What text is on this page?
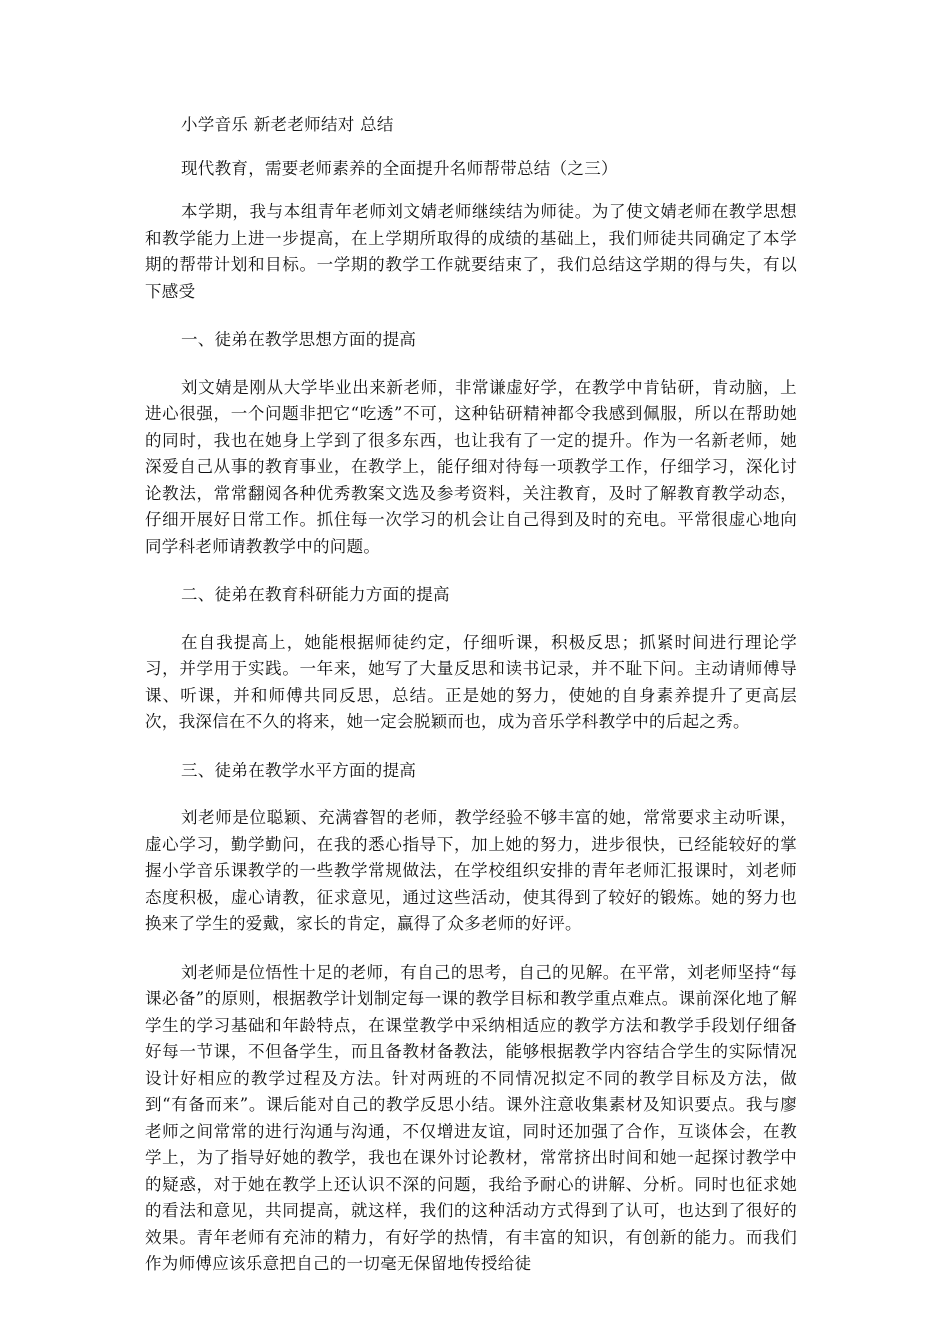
小学音乐 新老老师结对 总结

现代教育，需要老师素养的全面提升名师帮带总结（之三）

本学期，我与本组青年老师刘文婧老师继续结为师徒。为了使文婧老师在教学思想和教学能力上进一步提高，在上学期所取得的成绩的基础上，我们师徒共同确定了本学期的帮带计划和目标。一学期的教学工作就要结束了，我们总结这学期的得与失，有以下感受

一、徒弟在教学思想方面的提高

刘文婧是刚从大学毕业出来新老师，非常谦虚好学，在教学中肯钻研，肯动脑，上进心很强，一个问题非把它“吃透”不可，这种钻研精神都令我感到佩服，所以在帮助她的同时，我也在她身上学到了很多东西，也让我有了一定的提升。作为一名新老师，她深爱自己从事的教育事业，在教学上，能仔细对待每一项教学工作，仔细学习，深化讨论教法，常常翻阅各种优秀教案文选及参考资料，关注教育，及时了解教育教学动态，仔细开展好日常工作。抓住每一次学习的机会让自己得到及时的充电。平常很虚心地向同学科老师请教教学中的问题。

二、徒弟在教育科研能力方面的提高

在自我提高上，她能根据师徒约定，仔细听课，积极反思；抓紧时间进行理论学习，并学用于实践。一年来，她写了大量反思和读书记录，并不耻下问。主动请师傅导课、听课，并和师傅共同反思，总结。正是她的努力，使她的自身素养提升了更高层次，我深信在不久的将来，她一定会脱颖而也，成为音乐学科教学中的后起之秀。

三、徒弟在教学水平方面的提高

刘老师是位聪颖、充满睿智的老师，教学经验不够丰富的她，常常要求主动听课，虚心学习，勤学勤问，在我的悉心指导下，加上她的努力，进步很快，已经能较好的掌握小学音乐课教学的一些教学常规做法，在学校组织安排的青年老师汇报课时，刘老师态度积极，虚心请教，征求意见，通过这些活动，使其得到了较好的锻炼。她的努力也换来了学生的爱戴，家长的肯定，赢得了众多老师的好评。

刘老师是位悟性十足的老师，有自己的思考，自己的见解。在平常，刘老师坚持“每课必备”的原则，根据教学计划制定每一课的教学目标和教学重点难点。课前深化地了解学生的学习基础和年龄特点，在课堂教学中采纳相适应的教学方法和教学手段划仔细备好每一节课，不但备学生，而且备教材备教法，能够根据教学内容结合学生的实际情况设计好相应的教学过程及方法。针对两班的不同情况拟定不同的教学目标及方法，做到“有备而来”。课后能对自己的教学反思小结。课外注意收集素材及知识要点。我与廖老师之间常常的进行沟通与沟通，不仅增进友谊，同时还加强了合作，互谈体会，在教学上，为了指导好她的教学，我也在课外讨论教材，常常挤出时间和她一起探讨教学中的疑惑，对于她在教学上还认识不深的问题，我给予耐心的讲解、分析。同时也征求她的看法和意见，共同提高，就这样，我们的这种活动方式得到了认可，也达到了很好的效果。青年老师有充沛的精力，有好学的热情，有丰富的知识，有创新的能力。而我们作为师傅应该乐意把自己的一切毫无保留地传授给徒
